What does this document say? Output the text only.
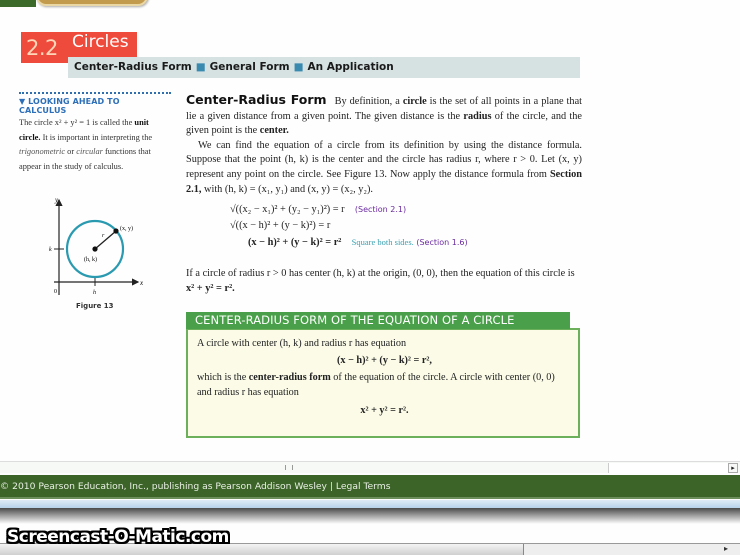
2.2 Circles
Center-Radius Form ■ General Form ■ An Application
▼ LOOKING AHEAD TO CALCULUS
The circle x² + y² = 1 is called the unit circle. It is important in interpreting the trigonometric or circular functions that appear in the study of calculus.
y
x
0
k
h
(h, k)
(x, y)
r
Figure 13

Center-Radius Form By definition, a circle is the set of all points in a plane that lie a given distance from a given point. The given distance is the radius of the circle, and the given point is the center.

We can find the equation of a circle from its definition by using the distance formula. Suppose that the point (h, k) is the center and the circle has radius r, where r > 0. Let (x, y) represent any point on the circle. See Figure 13. Now apply the distance formula from Section 2.1, with (h, k) = (x₁, y₁) and (x, y) = (x₂, y₂).

√((x₂ − x₁)² + (y₂ − y₁)²) = r (Section 2.1)
√((x − h)² + (y − k)²) = r
(x − h)² + (y − k)² = r² Square both sides. (Section 1.6)
If a circle of radius r > 0 has center (h, k) at the origin, (0, 0), then the equation of this circle is x² + y² = r².
CENTER-RADIUS FORM OF THE EQUATION OF A CIRCLE

A circle with center (h, k) and radius r has equation

(x − h)² + (y − k)² = r²,

which is the center-radius form of the equation of the circle. A circle with center (0, 0) and radius r has equation

x² + y² = r².

▸
© 2010 Pearson Education, Inc., publishing as Pearson Addison Wesley | Legal Terms
▸
Screencast-O-Matic.com
